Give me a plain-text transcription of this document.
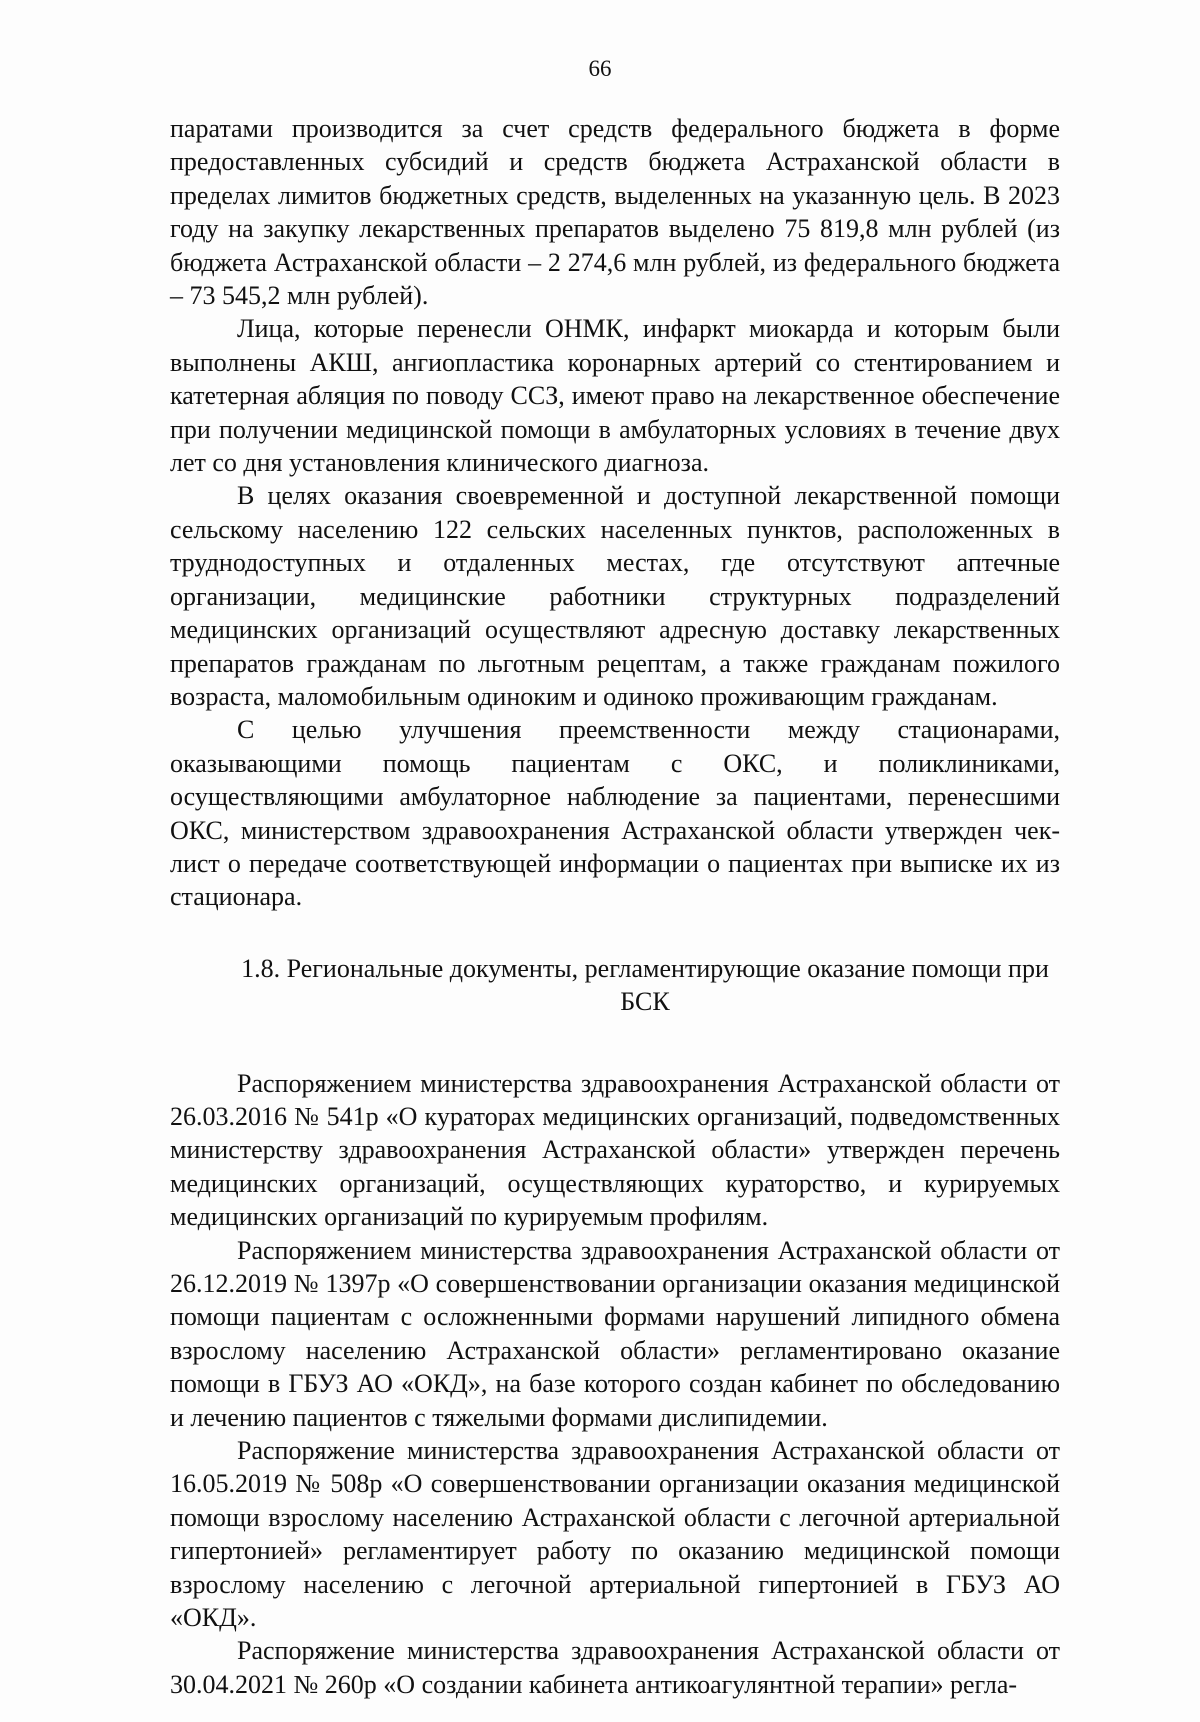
66

паратами производится за счет средств федерального бюджета в форме предоставленных субсидий и средств бюджета Астраханской области в пределах лимитов бюджетных средств, выделенных на указанную цель. В 2023 году на закупку лекарственных препаратов выделено 75 819,8 млн рублей (из бюджета Астраханской области – 2 274,6 млн рублей, из федерального бюджета – 73 545,2 млн рублей).

Лица, которые перенесли ОНМК, инфаркт миокарда и которым были выполнены АКШ, ангиопластика коронарных артерий со стентированием и катетерная абляция по поводу ССЗ, имеют право на лекарственное обеспечение при получении медицинской помощи в амбулаторных условиях в течение двух лет со дня установления клинического диагноза.

В целях оказания своевременной и доступной лекарственной помощи сельскому населению 122 сельских населенных пунктов, расположенных в труднодоступных и отдаленных местах, где отсутствуют аптечные организации, медицинские работники структурных подразделений медицинских организаций осуществляют адресную доставку лекарственных препаратов гражданам по льготным рецептам, а также гражданам пожилого возраста, маломобильным одиноким и одиноко проживающим гражданам.

С целью улучшения преемственности между стационарами, оказывающими помощь пациентам с ОКС, и поликлиниками, осуществляющими амбулаторное наблюдение за пациентами, перенесшими ОКС, министерством здравоохранения Астраханской области утвержден чек-лист о передаче соответствующей информации о пациентах при выписке их из стационара.

1.8. Региональные документы, регламентирующие оказание помощи при
БСК

Распоряжением министерства здравоохранения Астраханской области от 26.03.2016 № 541р «О кураторах медицинских организаций, подведомственных министерству здравоохранения Астраханской области» утвержден перечень медицинских организаций, осуществляющих кураторство, и курируемых медицинских организаций по курируемым профилям.

Распоряжением министерства здравоохранения Астраханской области от 26.12.2019 № 1397р «О совершенствовании организации оказания медицинской помощи пациентам с осложненными формами нарушений липидного обмена взрослому населению Астраханской области» регламентировано оказание помощи в ГБУЗ АО «ОКД», на базе которого создан кабинет по обследованию и лечению пациентов с тяжелыми формами дислипидемии.

Распоряжение министерства здравоохранения Астраханской области от 16.05.2019 № 508р «О совершенствовании организации оказания медицинской помощи взрослому населению Астраханской области с легочной артериальной гипертонией» регламентирует работу по оказанию медицинской помощи взрослому населению с легочной артериальной гипертонией в ГБУЗ АО «ОКД».

Распоряжение министерства здравоохранения Астраханской области от 30.04.2021 № 260р «О создании кабинета антикоагулянтной терапии» регла-
